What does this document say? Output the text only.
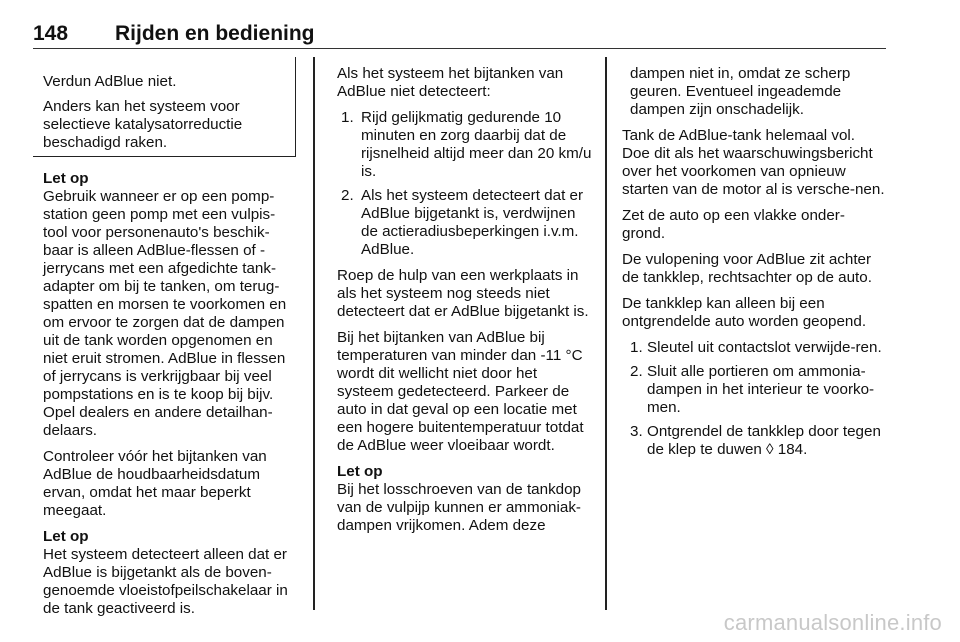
148 Rijden en bediening

Verdun AdBlue niet.

Anders kan het systeem voor selectieve katalysatorreductie beschadigd raken.

Let op
Gebruik wanneer er op een pomp-station geen pomp met een vulpis-tool voor personenauto's beschik-baar is alleen AdBlue-flessen of -jerrycans met een afgedichte tank-adapter om bij te tanken, om terug-spatten en morsen te voorkomen en om ervoor te zorgen dat de dampen uit de tank worden opgenomen en niet eruit stromen. AdBlue in flessen of jerrycans is verkrijgbaar bij veel pompstations en is te koop bij bijv. Opel dealers en andere detailhan-delaars.

Controleer vóór het bijtanken van AdBlue de houdbaarheidsdatum ervan, omdat het maar beperkt meegaat.

Let op
Het systeem detecteert alleen dat er AdBlue is bijgetankt als de boven-genoemde vloeistofpeilschakelaar in de tank geactiveerd is.

Als het systeem het bijtanken van AdBlue niet detecteert:

1. Rijd gelijkmatig gedurende 10 minuten en zorg daarbij dat de rijsnelheid altijd meer dan 20 km/u is.
2. Als het systeem detecteert dat er AdBlue bijgetankt is, verdwijnen de actieradiusbeperkingen i.v.m. AdBlue.

Roep de hulp van een werkplaats in als het systeem nog steeds niet detecteert dat er AdBlue bijgetankt is.

Bij het bijtanken van AdBlue bij temperaturen van minder dan -11 °C wordt dit wellicht niet door het systeem gedetecteerd. Parkeer de auto in dat geval op een locatie met een hogere buitentemperatuur totdat de AdBlue weer vloeibaar wordt.

Let op
Bij het losschroeven van de tankdop van de vulpijp kunnen er ammoniak-dampen vrijkomen. Adem deze

dampen niet in, omdat ze scherp geuren. Eventueel ingeademde dampen zijn onschadelijk.

Tank de AdBlue-tank helemaal vol. Doe dit als het waarschuwingsbericht over het voorkomen van opnieuw starten van de motor al is versche-nen.

Zet de auto op een vlakke onder-grond.

De vulopening voor AdBlue zit achter de tankklep, rechtsachter op de auto.

De tankklep kan alleen bij een ontgrendelde auto worden geopend.

1. Sleutel uit contactslot verwijde-ren.
2. Sluit alle portieren om ammonia-dampen in het interieur te voorko-men.
3. Ontgrendel de tankklep door tegen de klep te duwen ◊ 184.
carmanualsonline.info
